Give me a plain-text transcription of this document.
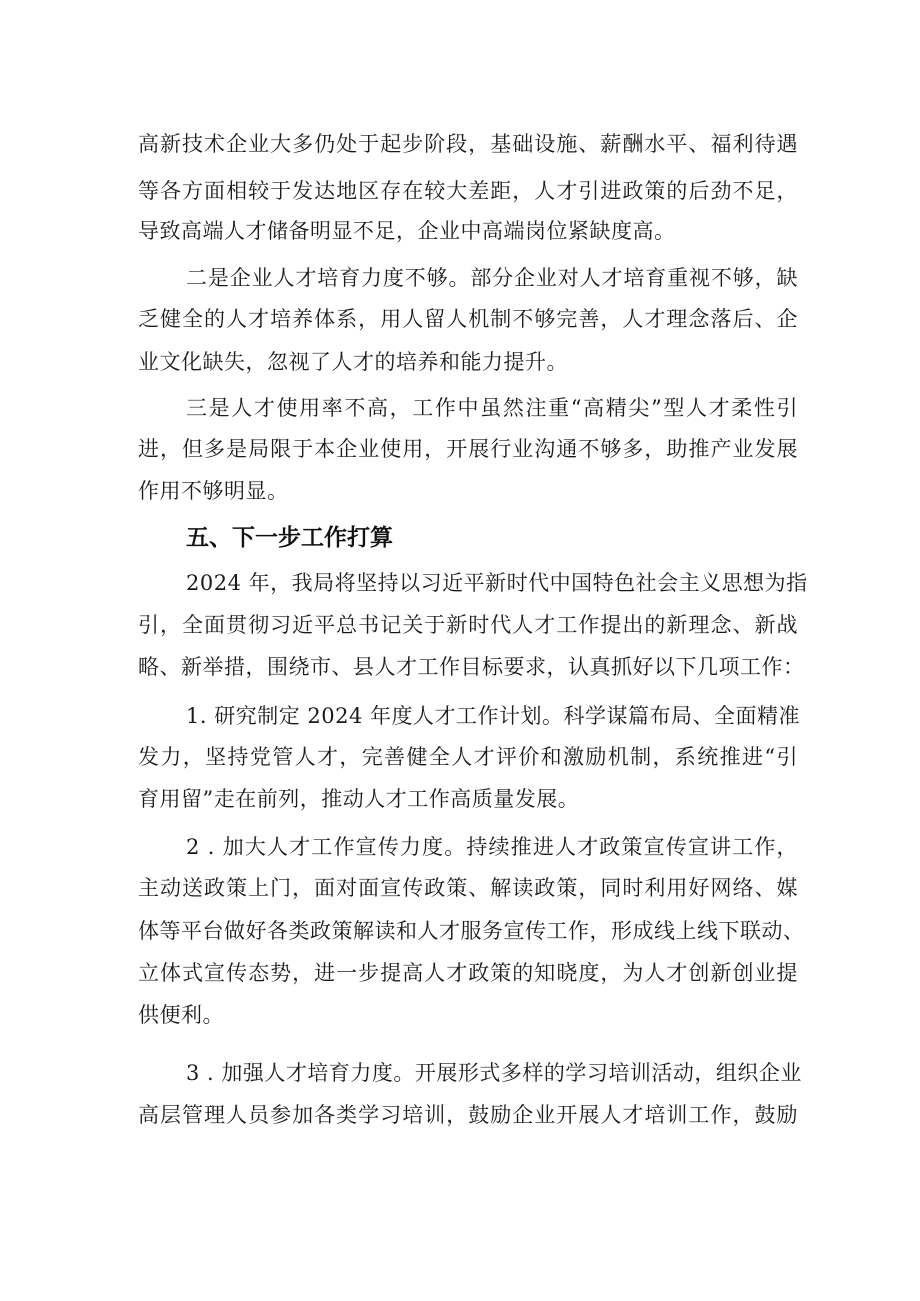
高新技术企业大多仍处于起步阶段，基础设施、薪酬水平、福利待遇
等各方面相较于发达地区存在较大差距，人才引进政策的后劲不足，
导致高端人才储备明显不足，企业中高端岗位紧缺度高。
二是企业人才培育力度不够。部分企业对人才培育重视不够，缺
乏健全的人才培养体系，用人留人机制不够完善，人才理念落后、企
业文化缺失，忽视了人才的培养和能力提升。
三是人才使用率不高，工作中虽然注重“高精尖”型人才柔性引
进，但多是局限于本企业使用，开展行业沟通不够多，助推产业发展
作用不够明显。
五、下一步工作打算
2024 年，我局将坚持以习近平新时代中国特色社会主义思想为指
引，全面贯彻习近平总书记关于新时代人才工作提出的新理念、新战
略、新举措，围绕市、县人才工作目标要求，认真抓好以下几项工作：
1. 研究制定 2024 年度人才工作计划。科学谋篇布局、全面精准
发力，坚持党管人才，完善健全人才评价和激励机制，系统推进“引
育用留”走在前列，推动人才工作高质量发展。
2 . 加大人才工作宣传力度。持续推进人才政策宣传宣讲工作，
主动送政策上门，面对面宣传政策、解读政策，同时利用好网络、媒
体等平台做好各类政策解读和人才服务宣传工作，形成线上线下联动、
立体式宣传态势，进一步提高人才政策的知晓度，为人才创新创业提
供便利。
3 . 加强人才培育力度。开展形式多样的学习培训活动，组织企业
高层管理人员参加各类学习培训，鼓励企业开展人才培训工作，鼓励
